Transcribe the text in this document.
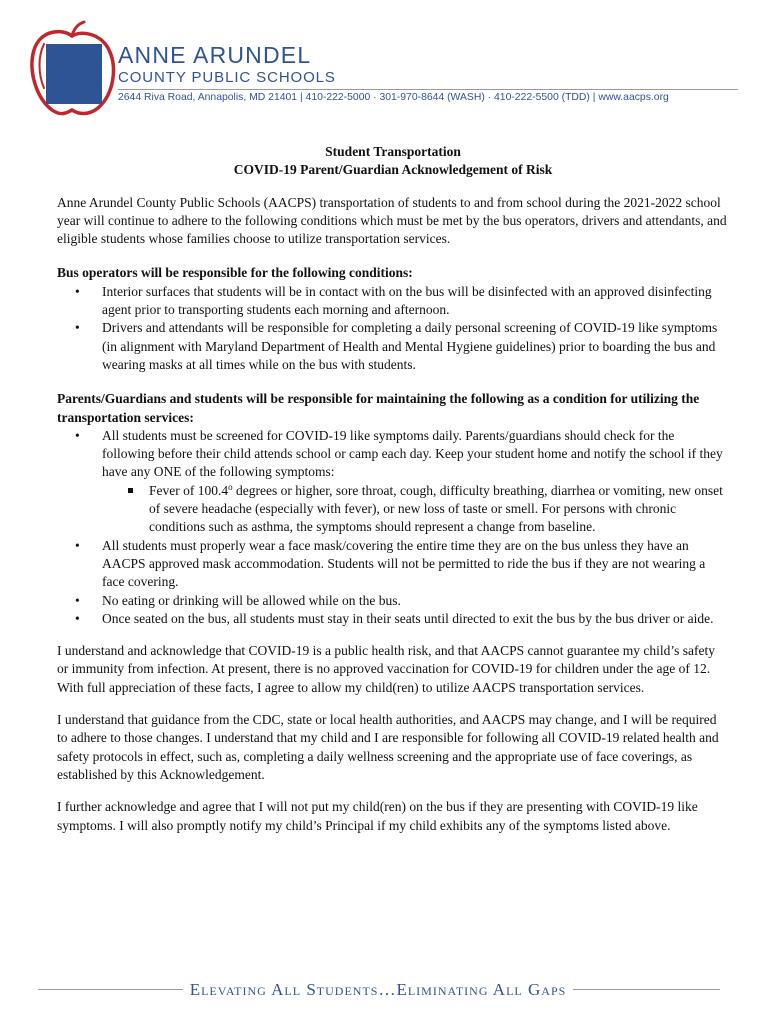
ANNE ARUNDEL
COUNTY PUBLIC SCHOOLS
2644 Riva Road, Annapolis, MD 21401 | 410-222-5000 · 301-970-8644 (WASH) · 410-222-5500 (TDD) | www.aacps.org

Student Transportation

COVID-19 Parent/Guardian Acknowledgement of Risk

Anne Arundel County Public Schools (AACPS) transportation of students to and from school during the 2021-2022 school year will continue to adhere to the following conditions which must be met by the bus operators, drivers and attendants, and eligible students whose families choose to utilize transportation services.

Bus operators will be responsible for the following conditions:

• Interior surfaces that students will be in contact with on the bus will be disinfected with an approved disinfecting agent prior to transporting students each morning and afternoon.
• Drivers and attendants will be responsible for completing a daily personal screening of COVID-19 like symptoms (in alignment with Maryland Department of Health and Mental Hygiene guidelines) prior to boarding the bus and wearing masks at all times while on the bus with students.

Parents/Guardians and students will be responsible for maintaining the following as a condition for utilizing the transportation services:

• All students must be screened for COVID-19 like symptoms daily. Parents/guardians should check for the following before their child attends school or camp each day. Keep your student home and notify the school if they have any ONE of the following symptoms:
Fever of 100.4$^o$ degrees or higher, sore throat, cough, difficulty breathing, diarrhea or vomiting, new onset of severe headache (especially with fever), or new loss of taste or smell. For persons with chronic conditions such as asthma, the symptoms should represent a change from baseline.
• All students must properly wear a face mask/covering the entire time they are on the bus unless they have an AACPS approved mask accommodation. Students will not be permitted to ride the bus if they are not wearing a face covering.
• No eating or drinking will be allowed while on the bus.
• Once seated on the bus, all students must stay in their seats until directed to exit the bus by the bus driver or aide.

I understand and acknowledge that COVID-19 is a public health risk, and that AACPS cannot guarantee my child’s safety or immunity from infection. At present, there is no approved vaccination for COVID-19 for children under the age of 12. With full appreciation of these facts, I agree to allow my child(ren) to utilize AACPS transportation services.

I understand that guidance from the CDC, state or local health authorities, and AACPS may change, and I will be required to adhere to those changes. I understand that my child and I are responsible for following all COVID-19 related health and safety protocols in effect, such as, completing a daily wellness screening and the appropriate use of face coverings, as established by this Acknowledgement.

I further acknowledge and agree that I will not put my child(ren) on the bus if they are presenting with COVID-19 like symptoms. I will also promptly notify my child’s Principal if my child exhibits any of the symptoms listed above.

Elevating All Students…Eliminating All Gaps
